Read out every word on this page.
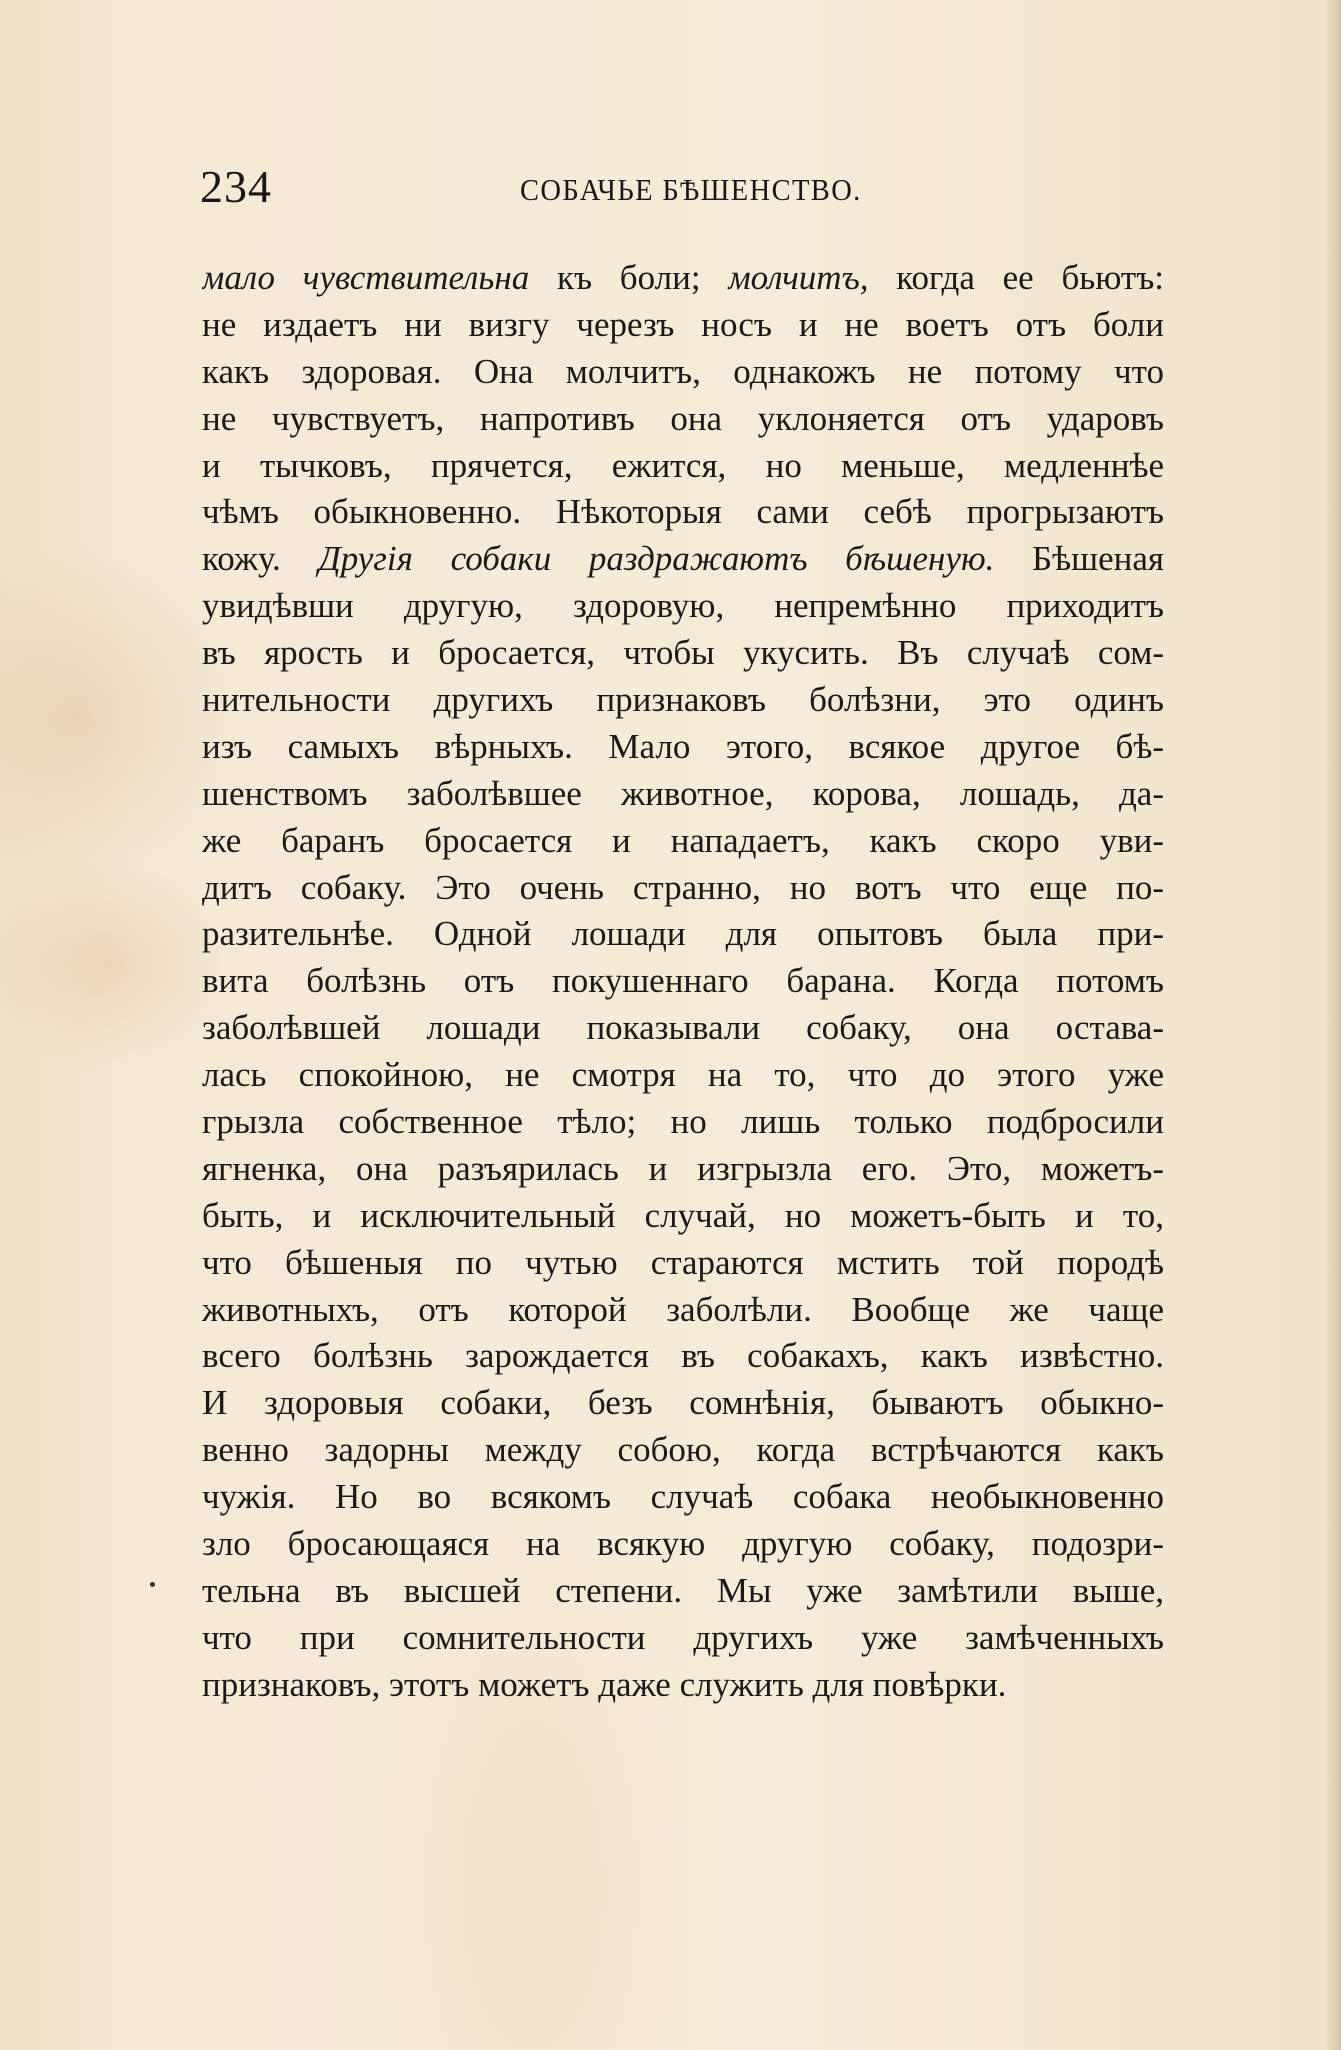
234	СОБАЧЬЕ БѢШЕНСТВО.
мало чувствительна къ боли; молчитъ, когда ее бьютъ:
не издаетъ ни визгу черезъ носъ и не воетъ отъ боли
какъ здоровая. Она молчитъ, однакожъ не потому что
не чувствуетъ, напротивъ она уклоняется отъ ударовъ
и тычковъ, прячется, ежится, но меньше, медленнѣе
чѣмъ обыкновенно. Нѣкоторыя сами себѣ прогрызаютъ
кожу. Другія собаки раздражаютъ бѣшеную. Бѣшеная
увидѣвши другую, здоровую, непремѣнно приходитъ
въ ярость и бросается, чтобы укусить. Въ случаѣ сом-
нительности другихъ признаковъ болѣзни, это одинъ
изъ самыхъ вѣрныхъ. Мало этого, всякое другое бѣ-
шенствомъ заболѣвшее животное, корова, лошадь, да-
же баранъ бросается и нападаетъ, какъ скоро уви-
дитъ собаку. Это очень странно, но вотъ что еще по-
разительнѣе. Одной лошади для опытовъ была при-
вита болѣзнь отъ покушеннаго барана. Когда потомъ
заболѣвшей лошади показывали собаку, она остава-
лась спокойною, не смотря на то, что до этого уже
грызла собственное тѣло; но лишь только подбросили
ягненка, она разъярилась и изгрызла его. Это, можетъ-
быть, и исключительный случай, но можетъ-быть и то,
что бѣшеныя по чутью стараются мстить той породѣ
животныхъ, отъ которой заболѣли. Вообще же чаще
всего болѣзнь зарождается въ собакахъ, какъ извѣстно.
И здоровыя собаки, безъ сомнѣнія, бываютъ обыкно-
венно задорны между собою, когда встрѣчаются какъ
чужія. Но во всякомъ случаѣ собака необыкновенно
зло бросающаяся на всякую другую собаку, подозри-
тельна въ высшей степени. Мы уже замѣтили выше,
что при сомнительности другихъ уже замѣченныхъ
признаковъ, этотъ можетъ даже служить для повѣрки.
